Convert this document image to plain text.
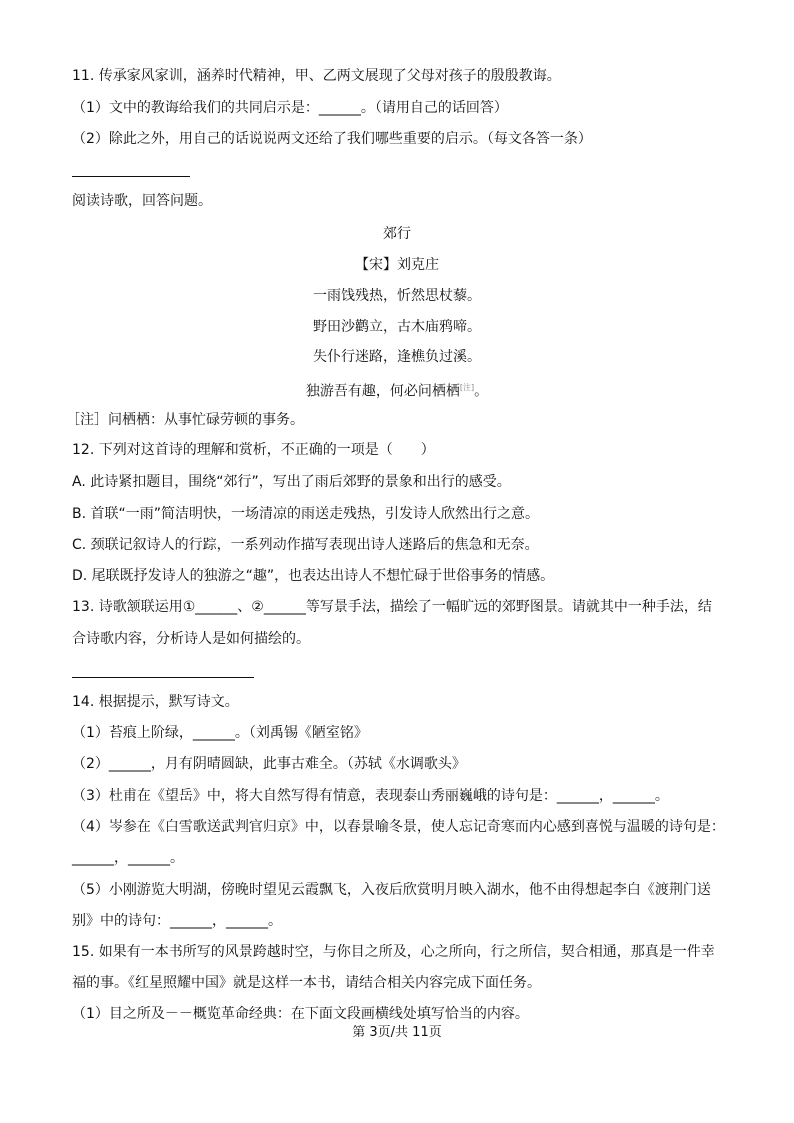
11. 传承家风家训，涵养时代精神，甲、乙两文展现了父母对孩子的殷殷教诲。
（1）文中的教诲给我们的共同启示是：______。（请用自己的话回答）
（2）除此之外，用自己的话说说两文还给了我们哪些重要的启示。（每文各答一条）
阅读诗歌，回答问题。
郊行
【宋】刘克庄
一雨饯残热，忻然思杖藜。
野田沙鹳立，古木庙鸦啼。
失仆行迷路，逢樵负过溪。
独游吾有趣，何必问栖栖[注]。
［注］问栖栖：从事忙碌劳顿的事务。
12. 下列对这首诗的理解和赏析，不正确的一项是（　　）
A. 此诗紧扣题目，围绕“郊行”，写出了雨后郊野的景象和出行的感受。
B. 首联“一雨”简洁明快，一场清凉的雨送走残热，引发诗人欣然出行之意。
C. 颈联记叙诗人的行踪，一系列动作描写表现出诗人迷路后的焦急和无奈。
D. 尾联既抒发诗人的独游之“趣”，也表达出诗人不想忙碌于世俗事务的情感。
13. 诗歌颔联运用①______、②______等写景手法，描绘了一幅旷远的郊野图景。请就其中一种手法，结
合诗歌内容，分析诗人是如何描绘的。
14. 根据提示，默写诗文。
（1）苔痕上阶绿，______。（刘禹锡《陋室铭》
（2）______，月有阴晴圆缺，此事古难全。（苏轼《水调歌头》
（3）杜甫在《望岳》中，将大自然写得有情意，表现泰山秀丽巍峨的诗句是：______，______。
（4）岑参在《白雪歌送武判官归京》中，以春景喻冬景，使人忘记奇寒而内心感到喜悦与温暖的诗句是：
______，______。
（5）小刚游览大明湖，傍晚时望见云霞飘飞，入夜后欣赏明月映入湖水，他不由得想起李白《渡荆门送
别》中的诗句：______，______。
15. 如果有一本书所写的风景跨越时空，与你目之所及，心之所向，行之所信，契合相通，那真是一件幸
福的事。《红星照耀中国》就是这样一本书，请结合相关内容完成下面任务。
（1）目之所及－－概览革命经典：在下面文段画横线处填写恰当的内容。
第 3页/共 11页
